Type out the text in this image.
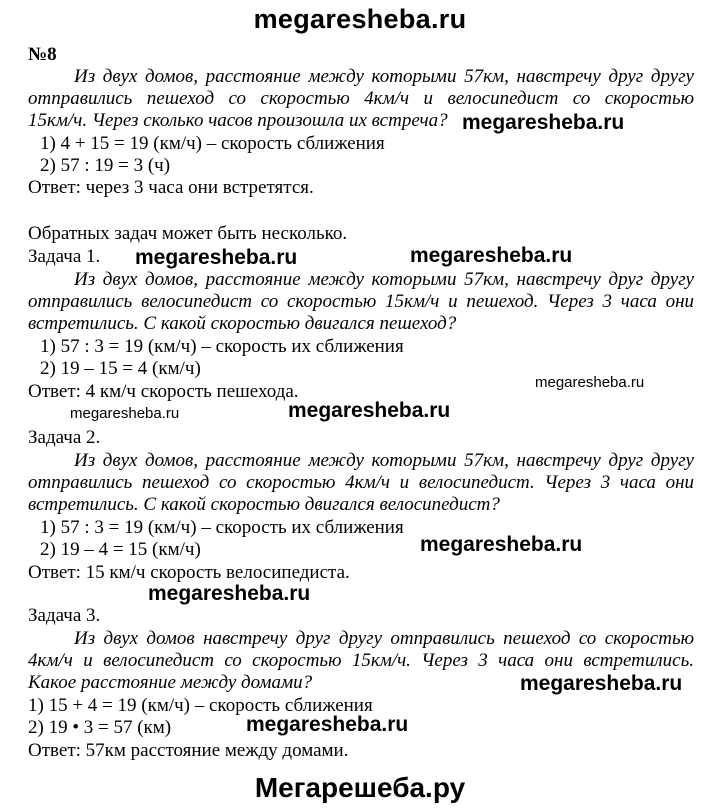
megaresheba.ru
№8
Из двух домов, расстояние между которыми 57км, навстречу друг другу
отправились пешеход со скоростью 4км/ч и велосипедист со скоростью
15км/ч. Через сколько часов произошла их встреча? megaresheba.ru
1) 4 + 15 = 19 (км/ч) – скорость сближения
2) 57 : 19 = 3 (ч)
Ответ: через 3 часа они встретятся.
Обратных задач может быть несколько.
Задача 1. megaresheba.ru	megaresheba.ru
Из двух домов, расстояние между которыми 57км, навстречу друг другу
отправились велосипедист со скоростью 15км/ч и пешеход. Через 3 часа они
встретились. С какой скоростью двигался пешеход?
1) 57 : 3 = 19 (км/ч) – скорость их сближения
2) 19 – 15 = 4 (км/ч)
megaresheba.ru
Ответ: 4 км/ч скорость пешехода.
megaresheba.ru	megaresheba.ru
Задача 2.
Из двух домов, расстояние между которыми 57км, навстречу друг другу
отправились пешеход со скоростью 4км/ч и велосипедист. Через 3 часа они
встретились. С какой скоростью двигался велосипедист?
1) 57 : 3 = 19 (км/ч) – скорость их сближения
2) 19 – 4 = 15 (км/ч)	megaresheba.ru
Ответ: 15 км/ч скорость велосипедиста.
megaresheba.ru
Задача 3.
Из двух домов навстречу друг другу отправились пешеход со скоростью
4км/ч и велосипедист со скоростью 15км/ч. Через 3 часа они встретились.
Какое расстояние между домами?	megaresheba.ru
1) 15 + 4 = 19 (км/ч) – скорость сближения
2) 19 • 3 = 57 (км)	megaresheba.ru
Ответ: 57км расстояние между домами.
Мегарешеба.ру
